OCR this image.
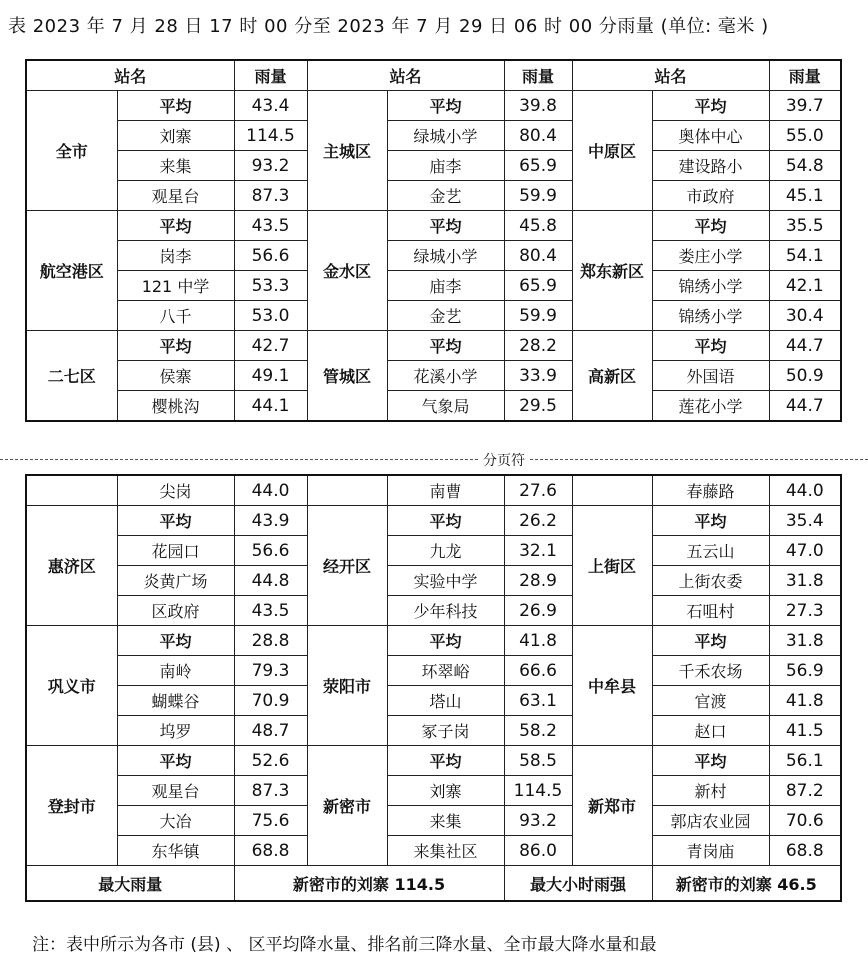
表 2023 年 7 月 28 日 17 时 00 分至 2023 年 7 月 29 日 06 时 00 分雨量 (单位: 毫米 )
站名		雨量	站名		雨量	站名		雨量
全市	平均	43.4	主城区	平均	39.8	中原区	平均	39.7
	刘寨	114.5		绿城小学	80.4		奥体中心	55.0
	来集	93.2		庙李	65.9		建设路小	54.8
	观星台	87.3		金艺	59.9		市政府	45.1
航空港区	平均	43.5	金水区	平均	45.8	郑东新区	平均	35.5
	岗李	56.6		绿城小学	80.4		娄庄小学	54.1
	121 中学	53.3		庙李	65.9		锦绣小学	42.1
	八千	53.0		金艺	59.9		锦绣小学	30.4
二七区	平均	42.7	管城区	平均	28.2	高新区	平均	44.7
	侯寨	49.1		花溪小学	33.9		外国语	50.9
	樱桃沟	44.1		气象局	29.5		莲花小学	44.7
分页符
	尖岗	44.0		南曹	27.6		春藤路	44.0
惠济区	平均	43.9	经开区	平均	26.2	上街区	平均	35.4
	花园口	56.6		九龙	32.1		五云山	47.0
	炎黄广场	44.8		实验中学	28.9		上街农委	31.8
	区政府	43.5		少年科技	26.9		石咀村	27.3
巩义市	平均	28.8	荥阳市	平均	41.8	中牟县	平均	31.8
	南岭	79.3		环翠峪	66.6		千禾农场	56.9
	蝴蝶谷	70.9		塔山	63.1		官渡	41.8
	坞罗	48.7		冢子岗	58.2		赵口	41.5
登封市	平均	52.6	新密市	平均	58.5	新郑市	平均	56.1
	观星台	87.3		刘寨	114.5		新村	87.2
	大冶	75.6		来集	93.2		郭店农业园	70.6
	东华镇	68.8		来集社区	86.0		青岗庙	68.8
最大雨量		新密市的刘寨 114.5			最大小时雨强		新密市的刘寨 46.5	
注：表中所示为各市 (县) 、 区平均降水量、排名前三降水量、全市最大降水量和最
